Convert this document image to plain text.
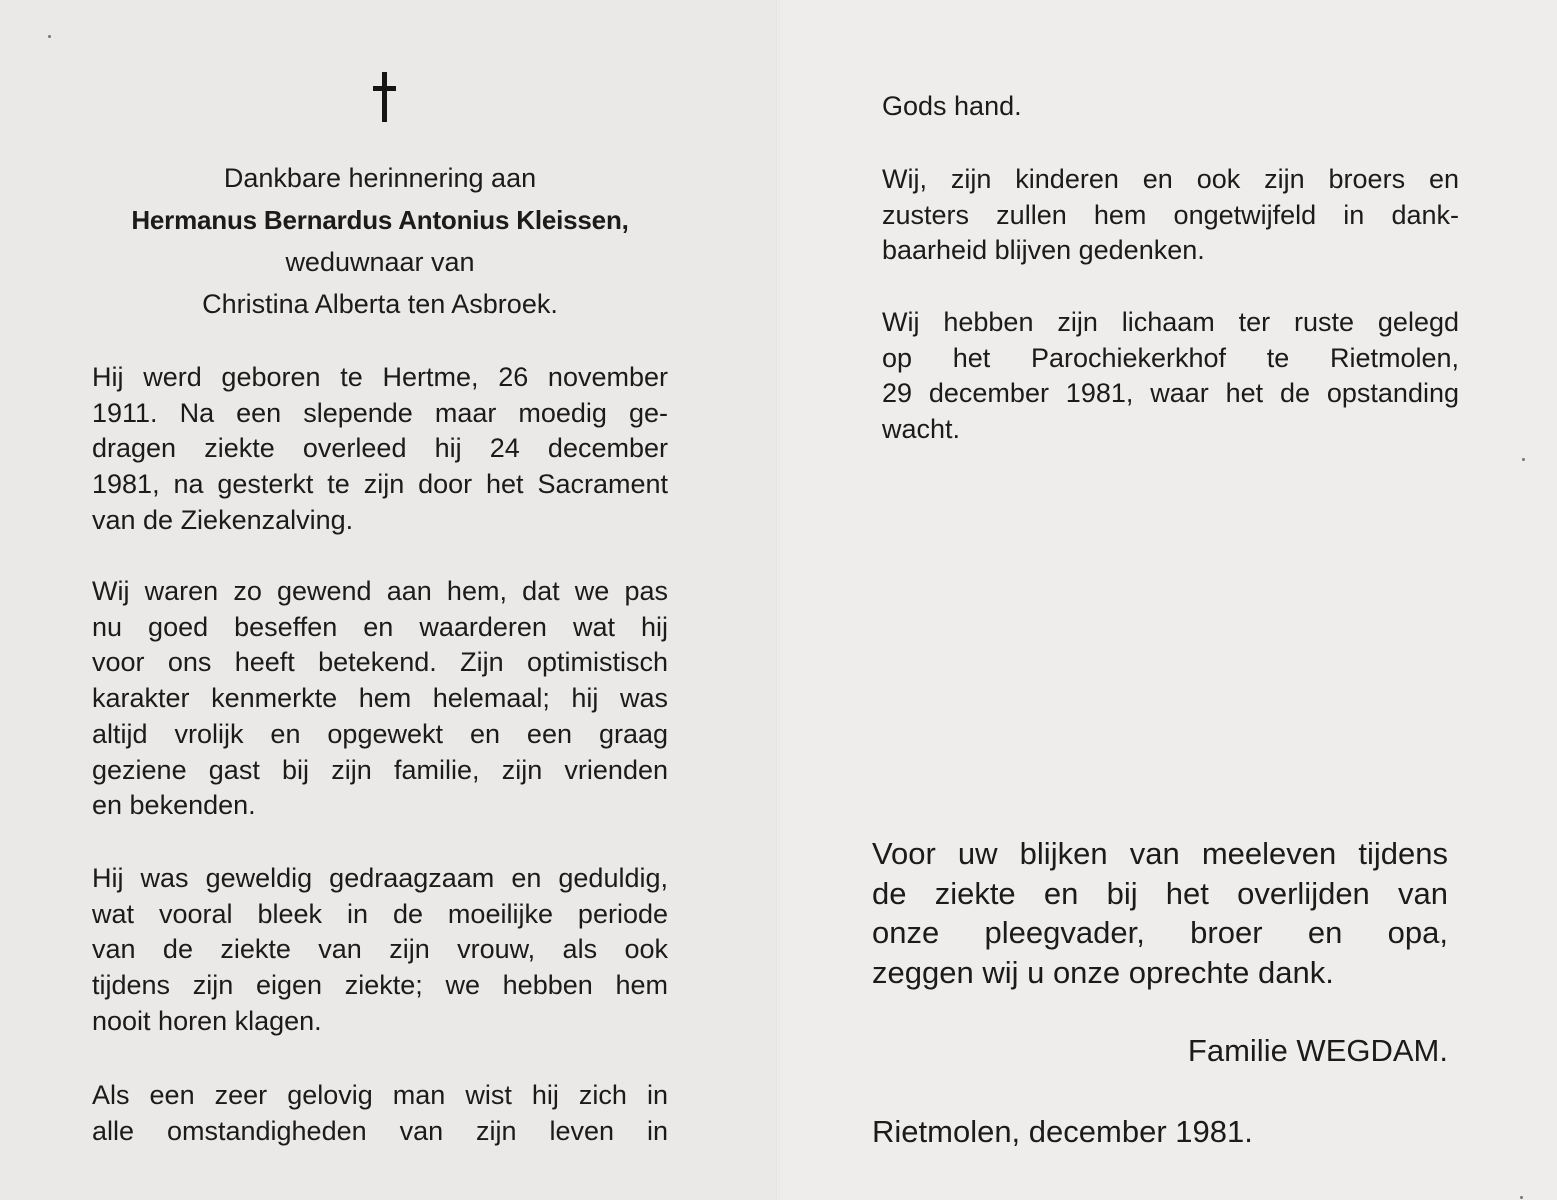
Dankbare herinnering aan
Hermanus Bernardus Antonius Kleissen,
weduwnaar van
Christina Alberta ten Asbroek.
Hij werd geboren te Hertme, 26 november
1911. Na een slepende maar moedig ge-
dragen ziekte overleed hij 24 december
1981, na gesterkt te zijn door het Sacrament
van de Ziekenzalving.
Wij waren zo gewend aan hem, dat we pas
nu goed beseffen en waarderen wat hij
voor ons heeft betekend. Zijn optimistisch
karakter kenmerkte hem helemaal; hij was
altijd vrolijk en opgewekt en een graag
geziene gast bij zijn familie, zijn vrienden
en bekenden.
Hij was geweldig gedraagzaam en geduldig,
wat vooral bleek in de moeilijke periode
van de ziekte van zijn vrouw, als ook
tijdens zijn eigen ziekte; we hebben hem
nooit horen klagen.
Als een zeer gelovig man wist hij zich in
alle omstandigheden van zijn leven in
Gods hand.
Wij, zijn kinderen en ook zijn broers en
zusters zullen hem ongetwijfeld in dank-
baarheid blijven gedenken.
Wij hebben zijn lichaam ter ruste gelegd
op het Parochiekerkhof te Rietmolen,
29 december 1981, waar het de opstanding
wacht.
Voor uw blijken van meeleven tijdens
de ziekte en bij het overlijden van
onze pleegvader, broer en opa,
zeggen wij u onze oprechte dank.
Familie WEGDAM.
Rietmolen, december 1981.
